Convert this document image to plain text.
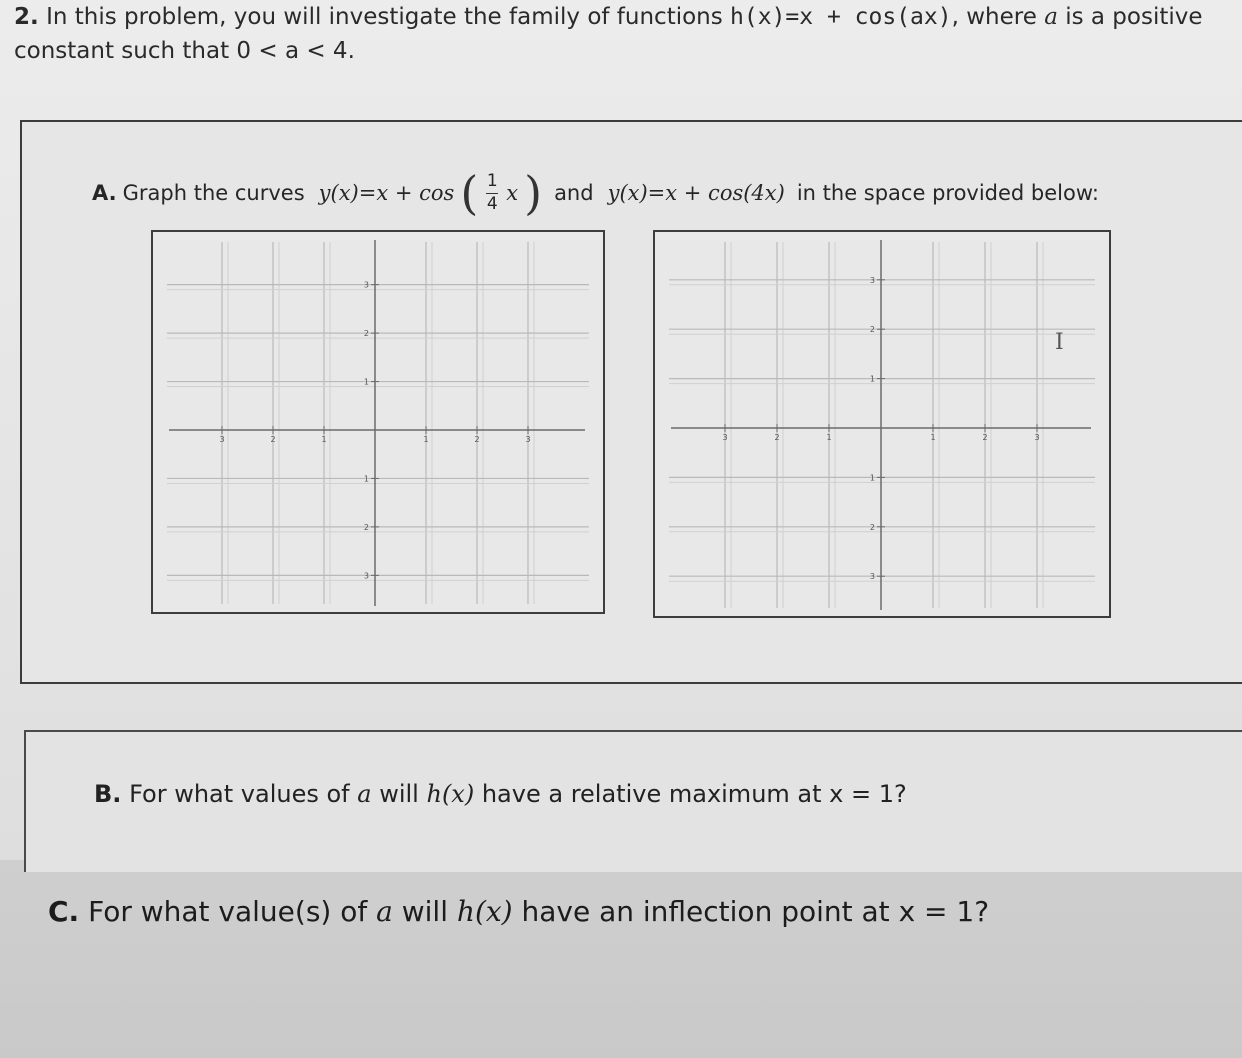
2. In this problem, you will investigate the family of functions h(x)=x + cos(ax), where a is a positive
constant such that 0 < a < 4.
A. Graph the curves y(x)=x + cos ( $\frac{1}{4}$ x ) and y(x)=x + cos(4x) in the space provided below:
3	2	1	1	2	3
3
2
1
1
2
3
3	2	1	1	2	3
3
2
1
1
2
3
I
B. For what values of a will h(x) have a relative maximum at x = 1?
C. For what value(s) of a will h(x) have an inflection point at x = 1?
